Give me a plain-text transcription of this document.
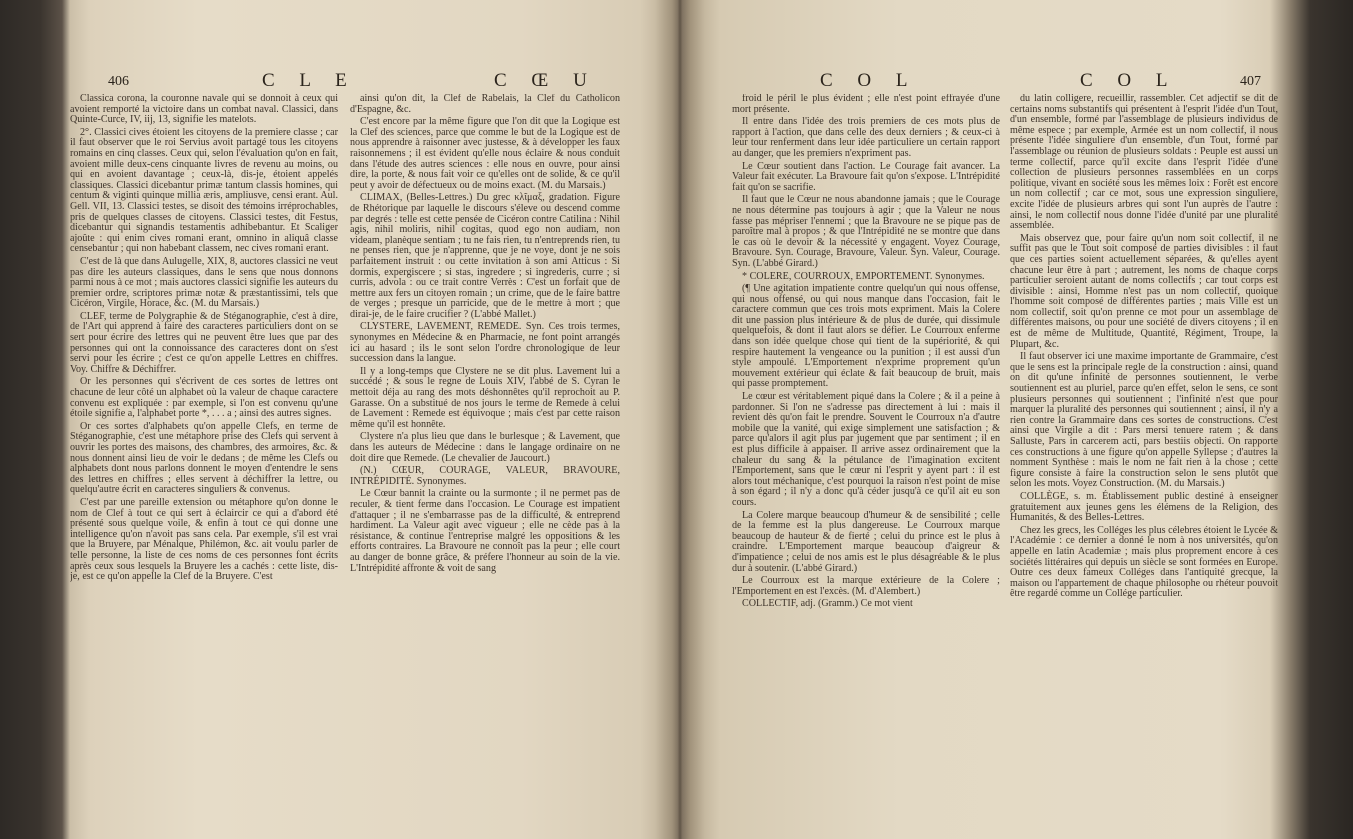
406	C L E	C Œ U

Classica corona, la couronne navale qui se donnoit à ceux qui avoient remporté la victoire dans un combat naval. Classici, dans Quinte-Curce, IV, iij, 13, signifie les matelots.

2°. Classici cives étoient les citoyens de la premiere classe ; car il faut observer que le roi Servius avoit partagé tous les citoyens romains en cinq classes. Ceux qui, selon l'évaluation qu'on en fait, avoient mille deux-cens cinquante livres de revenu au moins, ou qui en avoient davantage ; ceux-là, dis-je, étoient appelés classiques. Classici dicebantur primæ tantum classis homines, qui centum & viginti quinque millia æris, ampliusve, censi erant. Aul. Gell. VII, 13. Classici testes, se disoit des témoins irréprochables, pris de quelques classes de citoyens. Classici testes, dit Festus, dicebantur qui signandis testamentis adhibebantur. Et Scaliger ajoûte : qui enim cives romani erant, omnino in aliquâ classe censebantur ; qui non habebant classem, nec cives romani erant.

C'est de là que dans Aulugelle, XIX, 8, auctores classici ne veut pas dire les auteurs classiques, dans le sens que nous donnons parmi nous à ce mot ; mais auctores classici signifie les auteurs du premier ordre, scriptores primæ notæ & præstantissimi, tels que Cicéron, Virgile, Horace, &c. (M. du Marsais.)

CLEF, terme de Polygraphie & de Stéganographie, c'est à dire, de l'Art qui apprend à faire des caracteres particuliers dont on se sert pour écrire des lettres qui ne peuvent être lues que par des personnes qui ont la connoissance des caracteres dont on s'est servi pour les écrire ; c'est ce qu'on appelle Lettres en chiffres. Voy. Chiffre & Déchiffrer.

Or les personnes qui s'écrivent de ces sortes de lettres ont chacune de leur côté un alphabet où la valeur de chaque caractere convenu est expliquée : par exemple, si l'on est convenu qu'une étoile signifie a, l'alphabet porte *, . . . a ; ainsi des autres signes.

Or ces sortes d'alphabets qu'on appelle Clefs, en terme de Stéganographie, c'est une métaphore prise des Clefs qui servent à ouvrir les portes des maisons, des chambres, des armoires, &c. & nous donnent ainsi lieu de voir le dedans ; de même les Clefs ou alphabets dont nous parlons donnent le moyen d'entendre le sens des lettres en chiffres ; elles servent à déchiffrer la lettre, ou quelqu'autre écrit en caracteres singuliers & convenus.

C'est par une pareille extension ou métaphore qu'on donne le nom de Clef à tout ce qui sert à éclaircir ce qui a d'abord été présenté sous quelque voile, & enfin à tout ce qui donne une intelligence qu'on n'avoit pas sans cela. Par exemple, s'il est vrai que la Bruyere, par Ménalque, Philémon, &c. ait voulu parler de telle personne, la liste de ces noms de ces personnes font écrits après ceux sous lesquels la Bruyere les a cachés : cette liste, dis-je, est ce qu'on appelle la Clef de la Bruyere. C'est

ainsi qu'on dit, la Clef de Rabelais, la Clef du Catholicon d'Espagne, &c.

C'est encore par la même figure que l'on dit que la Logique est la Clef des sciences, parce que comme le but de la Logique est de nous apprendre à raisonner avec justesse, & à développer les faux raisonnemens ; il est évident qu'elle nous éclaire & nous conduit dans l'étude des autres sciences : elle nous en ouvre, pour ainsi dire, la porte, & nous fait voir ce qu'elles ont de solide, & ce qu'il peut y avoir de défectueux ou de moins exact. (M. du Marsais.)

CLIMAX, (Belles-Lettres.) Du grec κλῖμαξ, gradation. Figure de Rhétorique par laquelle le discours s'éleve ou descend comme par degrés : telle est cette pensée de Cicéron contre Catilina : Nihil agis, nihil moliris, nihil cogitas, quod ego non audiam, non videam, planèque sentiam ; tu ne fais rien, tu n'entreprends rien, tu ne penses rien, que je n'apprenne, que je ne voye, dont je ne sois parfaitement instruit : ou cette invitation à son ami Atticus : Si dormis, expergiscere ; si stas, ingredere ; si ingrederis, curre ; si curris, advola : ou ce trait contre Verrès : C'est un forfait que de mettre aux fers un citoyen romain ; un crime, que de le faire battre de verges ; presque un parricide, que de le mettre à mort ; que dirai-je, de le faire crucifier ? (L'abbé Mallet.)

CLYSTERE, LAVEMENT, REMEDE. Syn. Ces trois termes, synonymes en Médecine & en Pharmacie, ne font point arrangés ici au hasard ; ils le sont selon l'ordre chronologique de leur succession dans la langue.

Il y a long-temps que Clystere ne se dit plus. Lavement lui a succédé ; & sous le regne de Louis XIV, l'abbé de S. Cyran le mettoit déja au rang des mots déshonnêtes qu'il reprochoit au P. Garasse. On a substitué de nos jours le terme de Remede à celui de Lavement : Remede est équivoque ; mais c'est par cette raison même qu'il est honnête.

Clystere n'a plus lieu que dans le burlesque ; & Lavement, que dans les auteurs de Médecine : dans le langage ordinaire on ne doit dire que Remede. (Le chevalier de Jaucourt.)

(N.) CŒUR, COURAGE, VALEUR, BRAVOURE, INTRÉPIDITÉ. Synonymes.

Le Cœur bannit la crainte ou la surmonte ; il ne permet pas de reculer, & tient ferme dans l'occasion. Le Courage est impatient d'attaquer ; il ne s'embarrasse pas de la difficulté, & entreprend hardiment. La Valeur agit avec vigueur ; elle ne cède pas à la résistance, & continue l'entreprise malgré les oppositions & les efforts contraires. La Bravoure ne connoît pas la peur ; elle court au danger de bonne grâce, & préfere l'honneur au soin de la vie. L'Intrépidité affronte & voit de sang

C O L	C O L	407

froid le péril le plus évident ; elle n'est point effrayée d'une mort présente.

Il entre dans l'idée des trois premiers de ces mots plus de rapport à l'action, que dans celle des deux derniers ; & ceux-ci à leur tour renferment dans leur idée particuliere un certain rapport au danger, que les premiers n'expriment pas.

Le Cœur soutient dans l'action. Le Courage fait avancer. La Valeur fait exécuter. La Bravoure fait qu'on s'expose. L'Intrépidité fait qu'on se sacrifie.

Il faut que le Cœur ne nous abandonne jamais ; que le Courage ne nous détermine pas toujours à agir ; que la Valeur ne nous fasse pas mépriser l'ennemi ; que la Bravoure ne se pique pas de paroître mal à propos ; & que l'Intrépidité ne se montre que dans le cas où le devoir & la nécessité y engagent. Voyez Courage, Bravoure. Syn. Courage, Bravoure, Valeur. Syn. Valeur, Courage. Syn. (L'abbé Girard.)

* COLERE, COURROUX, EMPORTEMENT. Synonymes.

(¶ Une agitation impatiente contre quelqu'un qui nous offense, qui nous offensé, ou qui nous manque dans l'occasion, fait le caractere commun que ces trois mots expriment. Mais la Colere dit une passion plus intérieure & de plus de durée, qui dissimule quelquefois, & dont il faut alors se défier. Le Courroux enferme dans son idée quelque chose qui tient de la supériorité, & qui respire hautement la vengeance ou la punition ; il est aussi d'un style ampoulé. L'Emportement n'exprime proprement qu'un mouvement extérieur qui éclate & fait beaucoup de bruit, mais qui passe promptement.

Le cœur est véritablement piqué dans la Colere ; & il a peine à pardonner. Si l'on ne s'adresse pas directement à lui : mais il revient dès qu'on fait le prendre. Souvent le Courroux n'a d'autre mobile que la vanité, qui exige simplement une satisfaction ; & parce qu'alors il agit plus par jugement que par sentiment ; il en est plus difficile à appaiser. Il arrive assez ordinairement que la chaleur du sang & la pétulance de l'imagination excitent l'Emportement, sans que le cœur ni l'esprit y ayent part : il est alors tout méchanique, c'est pourquoi la raison n'est point de mise à son égard ; il n'y a donc qu'à céder jusqu'à ce qu'il ait eu son cours.

La Colere marque beaucoup d'humeur & de sensibilité ; celle de la femme est la plus dangereuse. Le Courroux marque beaucoup de hauteur & de fierté ; celui du prince est le plus à craindre. L'Emportement marque beaucoup d'aigreur & d'impatience ; celui de nos amis est le plus désagréable & le plus dur à soutenir. (L'abbé Girard.)

Le Courroux est la marque extérieure de la Colere ; l'Emportement en est l'excès. (M. d'Alembert.)

COLLECTIF, adj. (Gramm.) Ce mot vient

du latin colligere, recueillir, rassembler. Cet adjectif se dit de certains noms substantifs qui présentent à l'esprit l'idée d'un Tout, d'un ensemble, formé par l'assemblage de plusieurs individus de même espece ; par exemple, Armée est un nom collectif, il nous présente l'idée singuliere d'un ensemble, d'un Tout, formé par l'assemblage ou réunion de plusieurs soldats : Peuple est aussi un terme collectif, parce qu'il excite dans l'esprit l'idée d'une collection de plusieurs personnes rassemblées en un corps politique, vivant en société sous les mêmes loix : Forêt est encore un nom collectif ; car ce mot, sous une expression singuliere, excite l'idée de plusieurs arbres qui sont l'un auprès de l'autre : ainsi, le nom collectif nous donne l'idée d'unité par une pluralité assemblée.

Mais observez que, pour faire qu'un nom soit collectif, il ne suffit pas que le Tout soit composé de parties divisibles : il faut que ces parties soient actuellement séparées, & qu'elles ayent chacune leur être à part ; autrement, les noms de chaque corps particulier seroient autant de noms collectifs ; car tout corps est divisible : ainsi, Homme n'est pas un nom collectif, quoique l'homme soit composé de différentes parties ; mais Ville est un nom collectif, soit qu'on prenne ce mot pour un assemblage de différentes maisons, ou pour une société de divers citoyens ; il en est de même de Multitude, Quantité, Régiment, Troupe, la Plupart, &c.

Il faut observer ici une maxime importante de Grammaire, c'est que le sens est la principale regle de la construction : ainsi, quand on dit qu'une infinité de personnes soutiennent, le verbe soutiennent est au pluriel, parce qu'en effet, selon le sens, ce sont plusieurs personnes qui soutiennent ; l'infinité n'est que pour marquer la pluralité des personnes qui soutiennent ; ainsi, il n'y a rien contre la Grammaire dans ces sortes de constructions. C'est ainsi que Virgile a dit : Pars mersi tenuere ratem ; & dans Salluste, Pars in carcerem acti, pars bestiis objecti. On rapporte ces constructions à une figure qu'on appelle Syllepse ; d'autres la nomment Synthèse : mais le nom ne fait rien à la chose ; cette figure consiste à faire la construction selon le sens plutôt que selon les mots. Voyez Construction. (M. du Marsais.)

COLLÈGE, s. m. Établissement public destiné à enseigner gratuitement aux jeunes gens les élémens de la Religion, des Humanités, & des Belles-Lettres.

Chez les grecs, les Colléges les plus célebres étoient le Lycée & l'Académie : ce dernier a donné le nom à nos universités, qu'on appelle en latin Academiæ ; mais plus proprement encore à ces sociétés littéraires qui depuis un siècle se sont formées en Europe. Outre ces deux fameux Colléges dans l'antiquité grecque, la maison ou l'appartement de chaque philosophe ou rhéteur pouvoit être regardé comme un Collége particulier.
